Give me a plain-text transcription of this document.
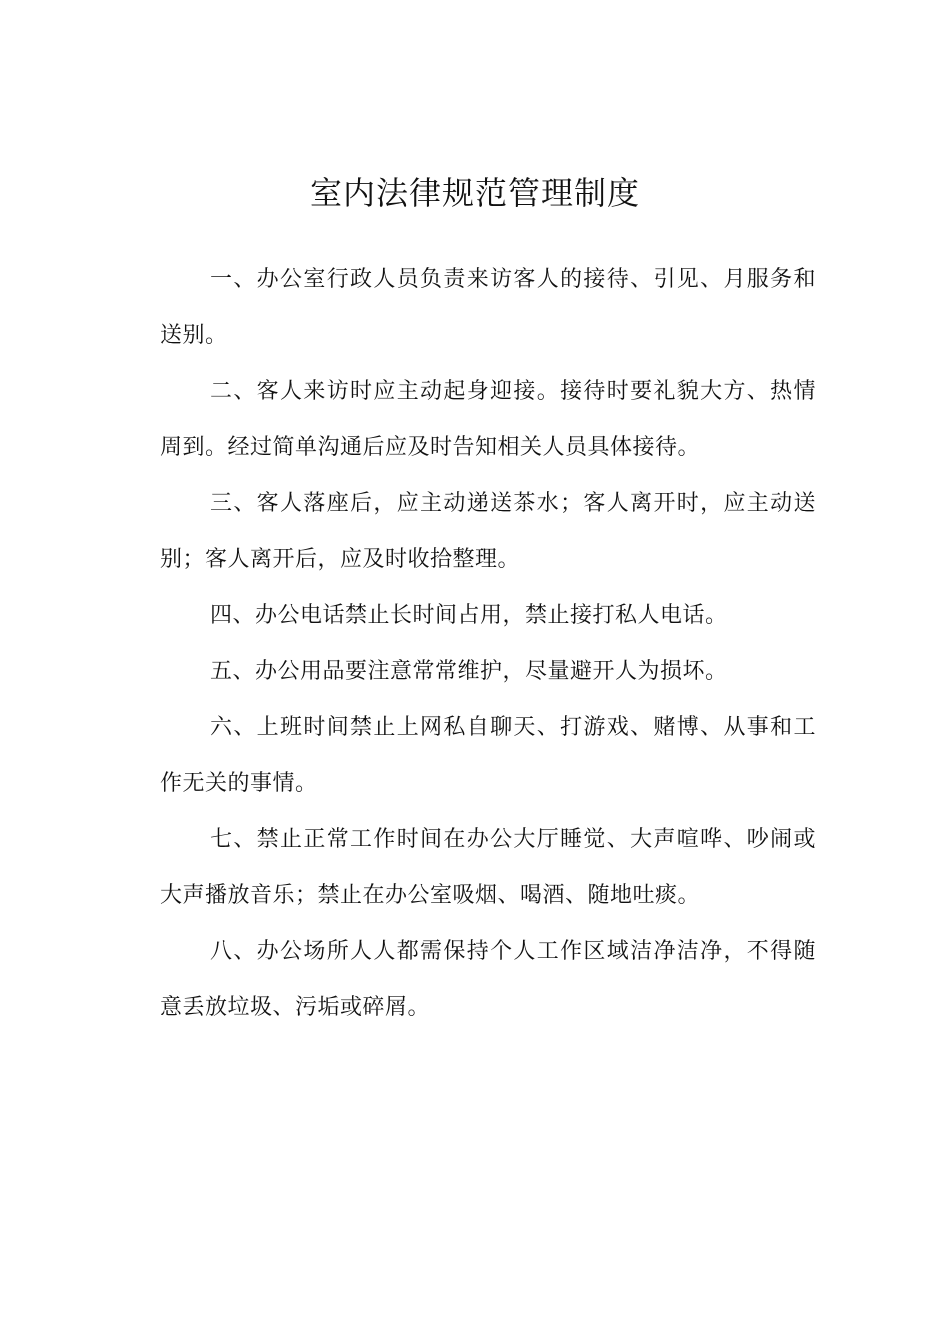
室内法律规范管理制度

一、办公室行政人员负责来访客人的接待、引见、月服务和送别。

二、客人来访时应主动起身迎接。接待时要礼貌大方、热情周到。经过简单沟通后应及时告知相关人员具体接待。

三、客人落座后，应主动递送茶水；客人离开时，应主动送别；客人离开后，应及时收拾整理。

四、办公电话禁止长时间占用，禁止接打私人电话。

五、办公用品要注意常常维护，尽量避开人为损坏。

六、上班时间禁止上网私自聊天、打游戏、赌博、从事和工作无关的事情。

七、禁止正常工作时间在办公大厅睡觉、大声喧哗、吵闹或大声播放音乐；禁止在办公室吸烟、喝酒、随地吐痰。

八、办公场所人人都需保持个人工作区域洁净洁净，不得随意丢放垃圾、污垢或碎屑。
